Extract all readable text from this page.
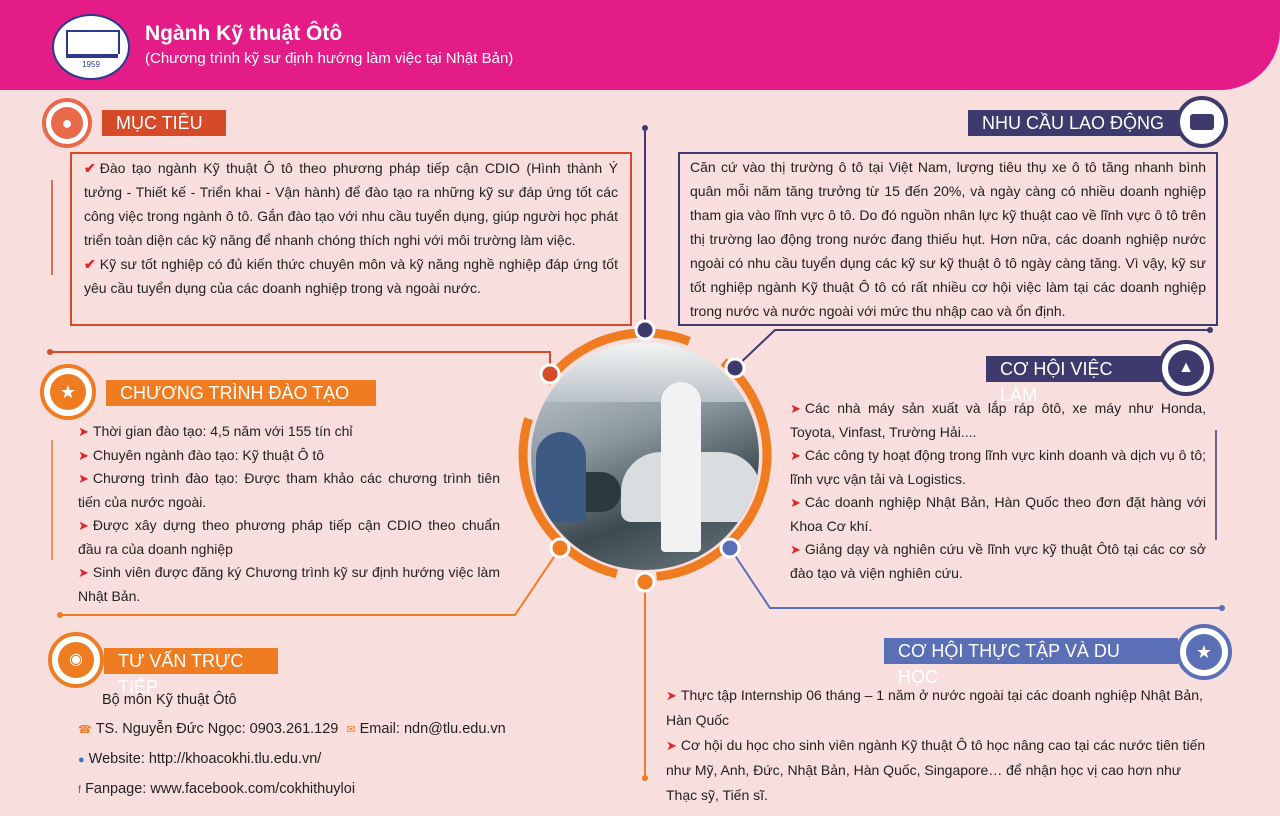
1959
Ngành Kỹ thuật Ôtô
(Chương trình kỹ sư định hướng làm việc tại Nhật Bản)
●	MỤC TIÊU
✔ Đào tạo ngành Kỹ thuật Ô tô theo phương pháp tiếp cận CDIO (Hình thành Ý tưởng - Thiết kế - Triển khai - Vận hành) để đào tạo ra những kỹ sư đáp ứng tốt các công việc trong ngành ô tô. Gắn đào tạo với nhu cầu tuyển dụng, giúp người học phát triển toàn diện các kỹ năng để nhanh chóng thích nghi với môi trường làm việc.
✔ Kỹ sư tốt nghiệp có đủ kiến thức chuyên môn và kỹ năng nghề nghiệp đáp ứng tốt yêu cầu tuyển dụng của các doanh nghiệp trong và ngoài nước.
NHU CẦU LAO ĐỘNG
Căn cứ vào thị trường ô tô tại Việt Nam, lượng tiêu thụ xe ô tô tăng nhanh bình quân mỗi năm tăng trưởng từ 15 đến 20%, và ngày càng có nhiều doanh nghiệp tham gia vào lĩnh vực ô tô. Do đó nguồn nhân lực kỹ thuật cao về lĩnh vực ô tô trên thị trường lao động trong nước đang thiếu hụt. Hơn nữa, các doanh nghiệp nước ngoài có nhu cầu tuyển dụng các kỹ sư kỹ thuật ô tô ngày càng tăng. Vì vậy, kỹ sư tốt nghiệp ngành Kỹ thuật Ô tô có rất nhiều cơ hội việc làm tại các doanh nghiệp trong nước và nước ngoài với mức thu nhập cao và ổn định.
★	CHƯƠNG TRÌNH ĐÀO TẠO
➤ Thời gian đào tạo: 4,5 năm với 155 tín chỉ
➤ Chuyên ngành đào tạo: Kỹ thuật Ô tô
➤ Chương trình đào tạo: Được tham khảo các chương trình tiên tiến của nước ngoài.
➤ Được xây dựng theo phương pháp tiếp cận CDIO theo chuẩn đầu ra của doanh nghiệp
➤ Sinh viên được đăng ký Chương trình kỹ sư định hướng việc làm Nhật Bản.
CƠ HỘI VIỆC LÀM
▲
➤ Các nhà máy sản xuất và lắp ráp ôtô, xe máy như Honda, Toyota, Vinfast, Trường Hải....
➤ Các công ty hoạt động trong lĩnh vực kinh doanh và dịch vụ ô tô; lĩnh vực vận tải và Logistics.
➤ Các doanh nghiệp Nhật Bản, Hàn Quốc theo đơn đặt hàng với Khoa Cơ khí.
➤ Giảng dạy và nghiên cứu về lĩnh vực kỹ thuật Ôtô tại các cơ sở đào tạo và viện nghiên cứu.
◉	TƯ VẤN TRỰC TIẾP
Bộ môn Kỹ thuật Ôtô
☎ TS. Nguyễn Đức Ngọc: 0903.261.129 ✉ Email: ndn@tlu.edu.vn
● Website: http://khoacokhi.tlu.edu.vn/
f Fanpage: www.facebook.com/cokhithuyloi
CƠ HỘI THỰC TẬP VÀ DU HỌC
★
➤ Thực tập Internship 06 tháng – 1 năm ở nước ngoài tại các doanh nghiệp Nhật Bản, Hàn Quốc
➤ Cơ hội du học cho sinh viên ngành Kỹ thuật Ô tô học nâng cao tại các nước tiên tiến như Mỹ, Anh, Đức, Nhật Bản, Hàn Quốc, Singapore… để nhận học vị cao hơn như Thạc sỹ, Tiến sĩ.
